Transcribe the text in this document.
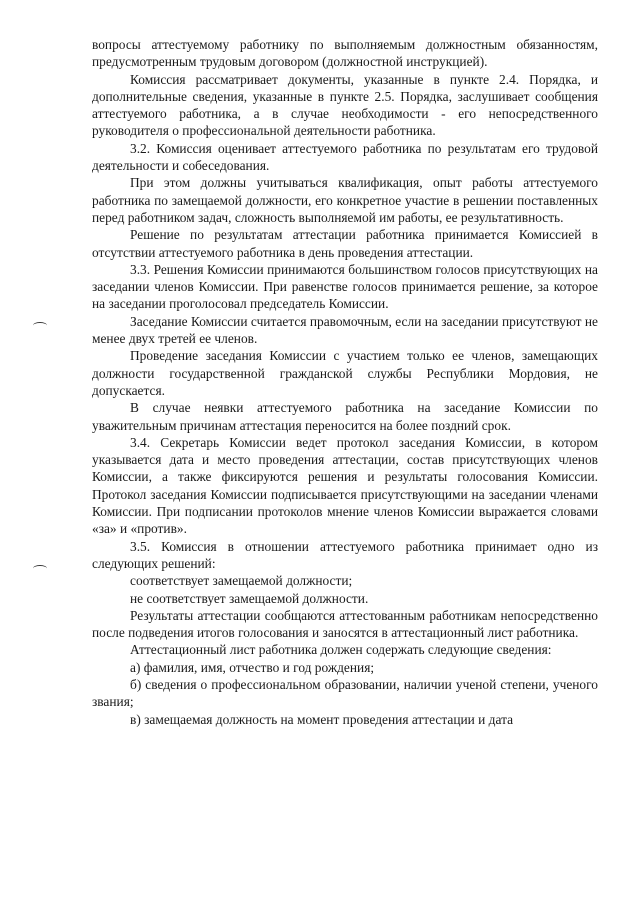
вопросы аттестуемому работнику по выполняемым должностным обязанностям, предусмотренным трудовым договором (должностной инструкцией).

Комиссия рассматривает документы, указанные в пункте 2.4. Порядка, и дополнительные сведения, указанные в пункте 2.5. Порядка, заслушивает сообщения аттестуемого работника, а в случае необходимости - его непосредственного руководителя о профессиональной деятельности работника.

3.2. Комиссия оценивает аттестуемого работника по результатам его трудовой деятельности и собеседования.

При этом должны учитываться квалификация, опыт работы аттестуемого работника по замещаемой должности, его конкретное участие в решении поставленных перед работником задач, сложность выполняемой им работы, ее результативность.

Решение по результатам аттестации работника принимается Комиссией в отсутствии аттестуемого работника в день проведения аттестации.

3.3. Решения Комиссии принимаются большинством голосов присутствующих на заседании членов Комиссии. При равенстве голосов принимается решение, за которое на заседании проголосовал председатель Комиссии.

Заседание Комиссии считается правомочным, если на заседании присутствуют не менее двух третей ее членов.

Проведение заседания Комиссии с участием только ее членов, замещающих должности государственной гражданской службы Республики Мордовия, не допускается.

В случае неявки аттестуемого работника на заседание Комиссии по уважительным причинам аттестация переносится на более поздний срок.

3.4. Секретарь Комиссии ведет протокол заседания Комиссии, в котором указывается дата и место проведения аттестации, состав присутствующих членов Комиссии, а также фиксируются решения и результаты голосования Комиссии. Протокол заседания Комиссии подписывается присутствующими на заседании членами Комиссии. При подписании протоколов мнение членов Комиссии выражается словами «за» и «против».

3.5. Комиссия в отношении аттестуемого работника принимает одно из следующих решений:

соответствует замещаемой должности;

не соответствует замещаемой должности.

Результаты аттестации сообщаются аттестованным работникам непосредственно после подведения итогов голосования и заносятся в аттестационный лист работника.

Аттестационный лист работника должен содержать следующие сведения:

а) фамилия, имя, отчество и год рождения;

б) сведения о профессиональном образовании, наличии ученой степени, ученого звания;

в) замещаемая должность на момент проведения аттестации и дата
